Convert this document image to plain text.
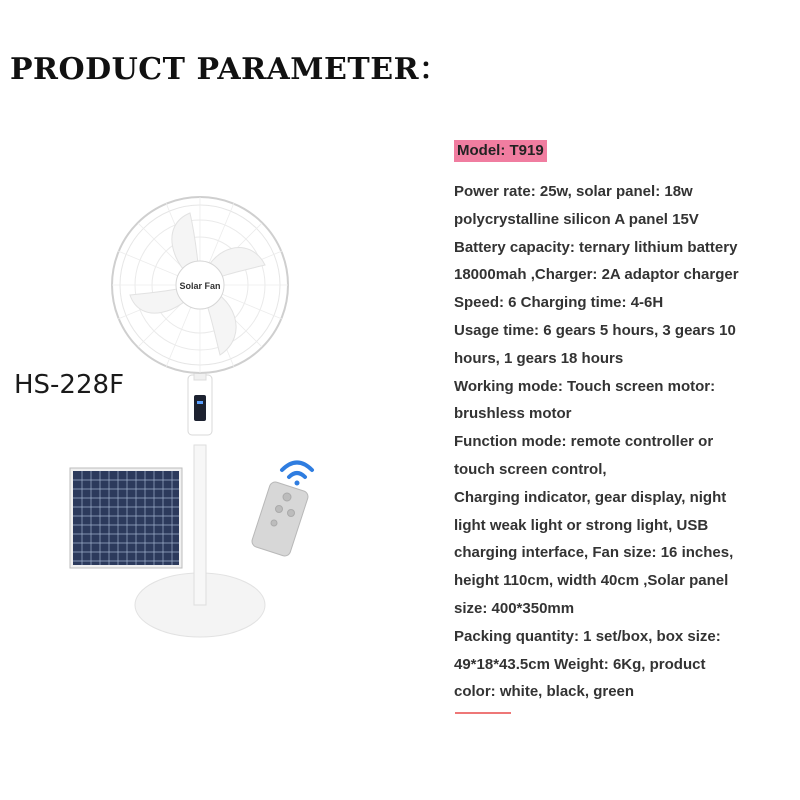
PRODUCT PARAMETER：
HS-228F
Solar Fan
Model: T919
Power rate: 25w, solar panel: 18w
polycrystalline silicon A panel 15V
Battery capacity: ternary lithium battery
18000mah ,Charger: 2A adaptor charger
Speed: 6 Charging time: 4-6H
Usage time: 6 gears 5 hours, 3 gears 10
hours, 1 gears 18 hours
Working mode: Touch screen motor:
brushless motor
Function mode: remote controller or
touch screen control,
Charging indicator, gear display, night
light weak light or strong light, USB
charging interface, Fan size: 16 inches,
height 110cm, width 40cm ,Solar panel
size: 400*350mm
Packing quantity: 1 set/box, box size:
49*18*43.5cm Weight: 6Kg, product
color: white, black, green
